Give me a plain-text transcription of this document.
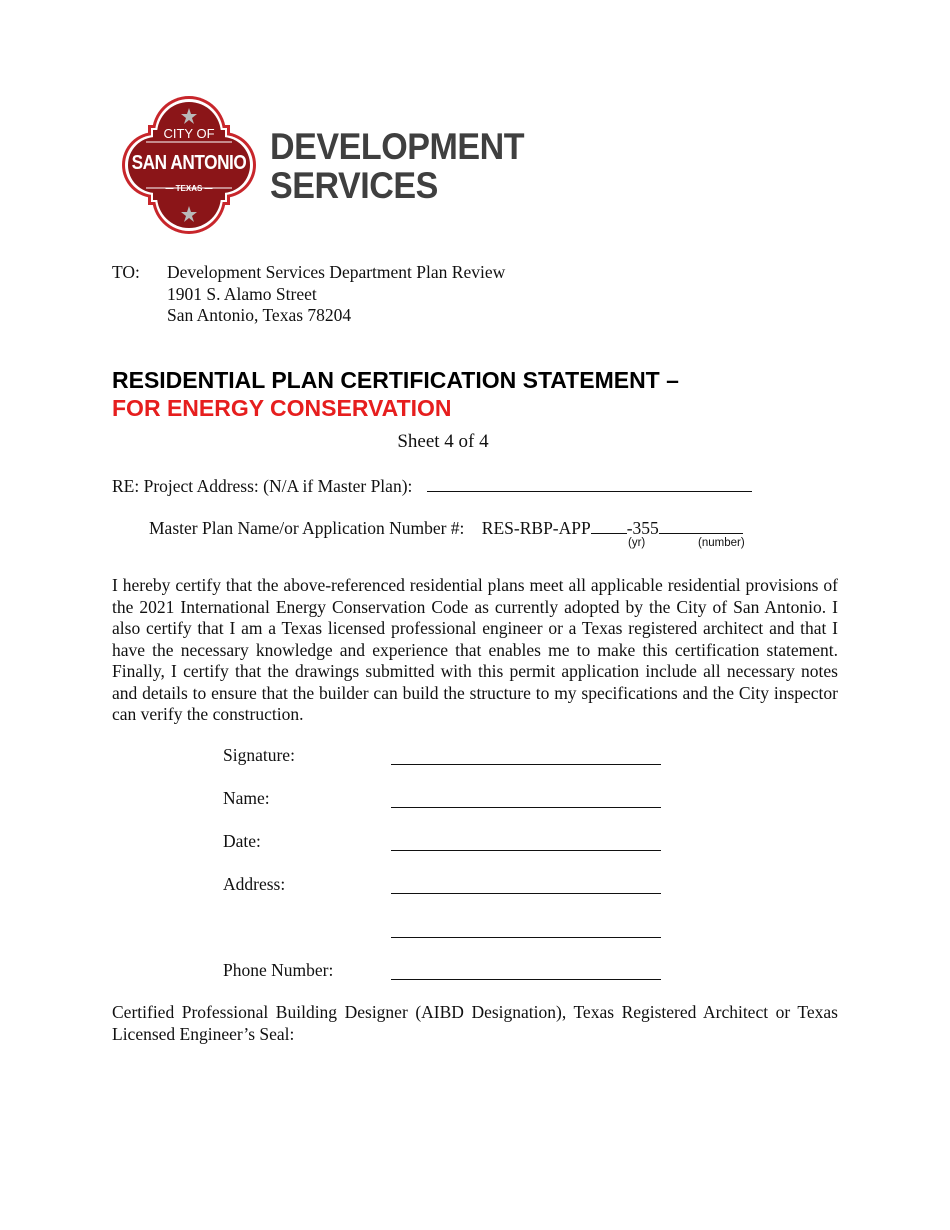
CITY OF
SAN ANTONIO
— TEXAS —
DEVELOPMENT
SERVICES
TO: Development Services Department Plan Review
1901 S. Alamo Street
San Antonio, Texas 78204
RESIDENTIAL PLAN CERTIFICATION STATEMENT –
FOR ENERGY CONSERVATION
Sheet 4 of 4
RE: Project Address: (N/A if Master Plan):
Master Plan Name/or Application Number #: RES-RBP-APP -355
(yr)	(number)
I hereby certify that the above-referenced residential plans meet all applicable residential provisions of the 2021 International Energy Conservation Code as currently adopted by the City of San Antonio. I also certify that I am a Texas licensed professional engineer or a Texas registered architect and that I have the necessary knowledge and experience that enables me to make this certification statement. Finally, I certify that the drawings submitted with this permit application include all necessary notes and details to ensure that the builder can build the structure to my specifications and the City inspector can verify the construction.
Signature:
Name:
Date:
Address:
Phone Number:
Certified Professional Building Designer (AIBD Designation), Texas Registered Architect or Texas Licensed Engineer’s Seal:
